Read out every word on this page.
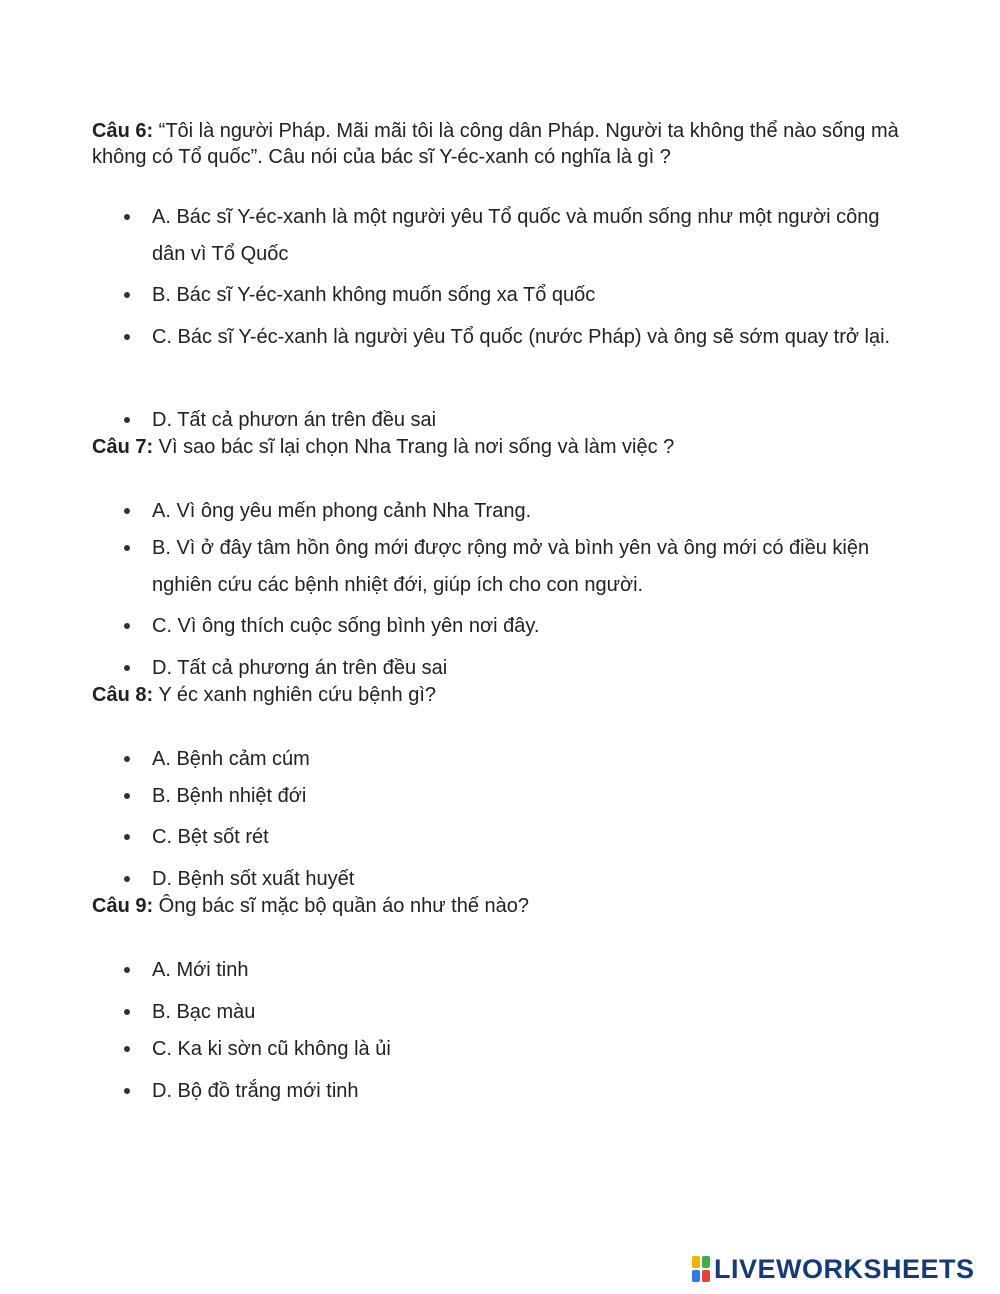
Câu 6: “Tôi là người Pháp. Mãi mãi tôi là công dân Pháp. Người ta không thể nào sống mà không có Tổ quốc”. Câu nói của bác sĩ Y-éc-xanh có nghĩa là gì ?
A. Bác sĩ Y-éc-xanh là một người yêu Tổ quốc và muốn sống như một người công dân vì Tổ Quốc
B. Bác sĩ Y-éc-xanh không muốn sống xa Tổ quốc
C. Bác sĩ Y-éc-xanh là người yêu Tổ quốc (nước Pháp) và ông sẽ sớm quay trở lại.
D. Tất cả phươn án trên đều sai
Câu 7: Vì sao bác sĩ lại chọn Nha Trang là nơi sống và làm việc ?
A. Vì ông yêu mến phong cảnh Nha Trang.
B. Vì ở đây tâm hồn ông mới được rộng mở và bình yên và ông mới có điều kiện nghiên cứu các bệnh nhiệt đới, giúp ích cho con người.
C. Vì ông thích cuộc sống bình yên nơi đây.
D. Tất cả phương án trên đều sai
Câu 8: Y éc xanh nghiên cứu bệnh gì?
A. Bệnh cảm cúm
B. Bệnh nhiệt đới
C. Bệt sốt rét
D. Bệnh sốt xuất huyết
Câu 9: Ông bác sĩ mặc bộ quần áo như thế nào?
A. Mới tinh
B. Bạc màu
C. Ka ki sờn cũ không là ủi
D. Bộ đồ trắng mới tinh
LIVEWORKSHEETS
